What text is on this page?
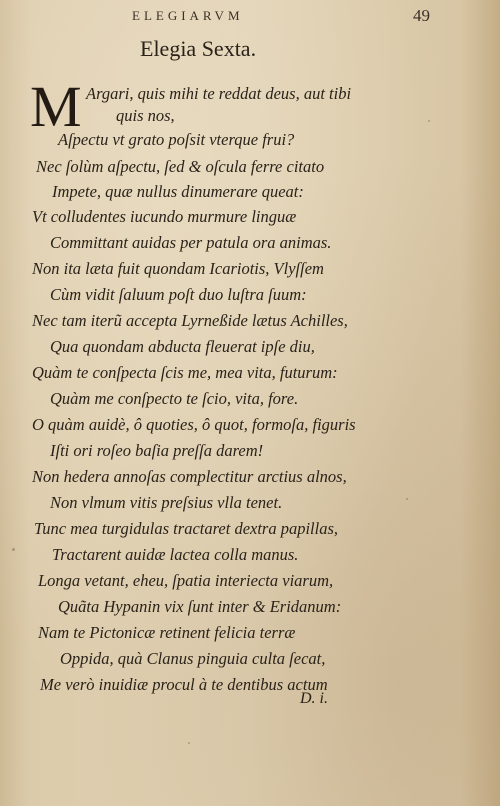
ELEGIARVM	49
Elegia Sexta.
M Argari, quis mihi te reddat deus, aut tibi
quis nos,
Aſpectu vt grato poſsit vterque frui?
Nec ſolùm aſpectu, ſed & oſcula ferre citato
Impete, quæ nullus dinumerare queat:
Vt colludentes iucundo murmure linguæ
Committant auidas per patula ora animas.
Non ita læta fuit quondam Icariotis, Vlyſſem
Cùm vidit ſaluum poſt duo luſtra ſuum:
Nec tam iterũ accepta Lyrneßide lætus Achilles,
Qua quondam abducta fleuerat ipſe diu,
Quàm te conſpecta ſcis me, mea vita, futurum:
Quàm me conſpecto te ſcio, vita, fore.
O quàm auidè, ô quoties, ô quot, formoſa, figuris
Iſti ori roſeo baſia preſſa darem!
Non hedera annoſas complectitur arctius alnos,
Non vlmum vitis preſsius vlla tenet.
Tunc mea turgidulas tractaret dextra papillas,
Tractarent auidæ lactea colla manus.
Longa vetant, eheu, ſpatia interiecta viarum,
Quãta Hypanin vix ſunt inter & Eridanum:
Nam te Pictonicæ retinent felicia terræ
Oppida, quà Clanus pinguia culta ſecat,
Me verò inuidiæ procul à te dentibus actum
D. i.
